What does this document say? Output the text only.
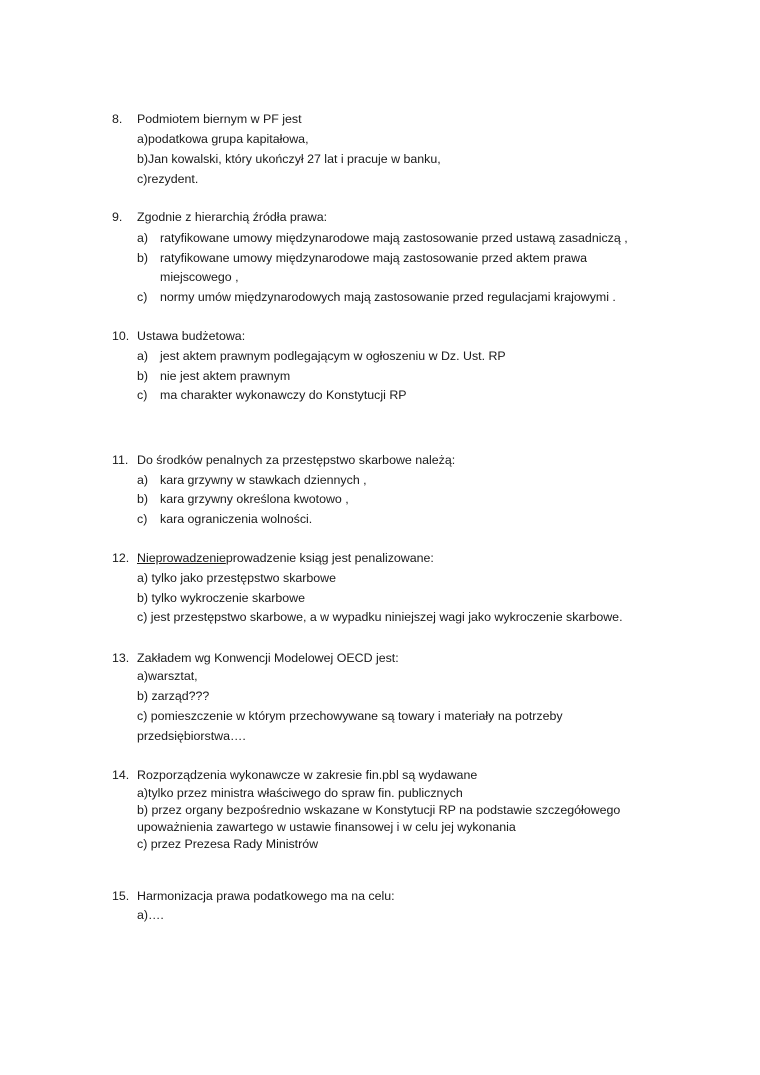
8. Podmiotem biernym w PF jest
a)podatkowa grupa kapitałowa,
b)Jan kowalski, który ukończył 27 lat i pracuje w banku,
c)rezydent.
9. Zgodnie z hierarchią źródła prawa:
a) ratyfikowane umowy międzynarodowe mają zastosowanie przed ustawą zasadniczą ,
b) ratyfikowane umowy międzynarodowe mają zastosowanie przed aktem prawa
miejscowego ,
c) normy umów międzynarodowych mają zastosowanie przed regulacjami krajowymi .
10. Ustawa budżetowa:
a) jest aktem prawnym podlegającym w ogłoszeniu w Dz. Ust. RP
b) nie jest aktem prawnym
c) ma charakter wykonawczy do Konstytucji RP
11. Do środków penalnych za przestępstwo skarbowe należą:
a) kara grzywny w stawkach dziennych ,
b) kara grzywny określona kwotowo ,
c) kara ograniczenia wolności.
12. Nieprowadzenieprowadzenie ksiąg jest penalizowane:
a) tylko jako przestępstwo skarbowe
b) tylko wykroczenie skarbowe
c) jest przestępstwo skarbowe, a w wypadku niniejszej wagi jako wykroczenie skarbowe.
13. Zakładem wg Konwencji Modelowej OECD jest:
a)warsztat,
b) zarząd???
c) pomieszczenie w którym przechowywane są towary i materiały na potrzeby
przedsiębiorstwa….
14. Rozporządzenia wykonawcze w zakresie fin.pbl są wydawane
a)tylko przez ministra właściwego do spraw fin. publicznych
b) przez organy bezpośrednio wskazane w Konstytucji RP na podstawie szczegółowego
upoważnienia zawartego w ustawie finansowej i w celu jej wykonania
c) przez Prezesa Rady Ministrów
15. Harmonizacja prawa podatkowego ma na celu:
a)….
